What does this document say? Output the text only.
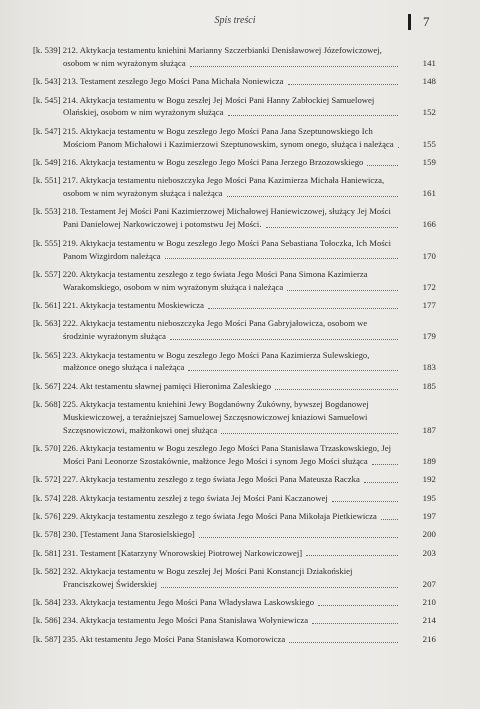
Spis treści	7
[k. 539] 212. Aktykacja testamentu kniehini Marianny Szczerbianki Denisławowej Józefowiczowej, osobom w nim wyrażonym służąca	141
[k. 543] 213. Testament zeszłego Jego Mości Pana Michała Noniewicza	148
[k. 545] 214. Aktykacja testamentu w Bogu zeszłej Jej Mości Pani Hanny Zabłockiej Samuelowej Olańskiej, osobom w nim wyrażonym służąca	152
[k. 547] 215. Aktykacja testamentu w Bogu zeszłego Jego Mości Pana Jana Szeptunowskiego Ich Mościom Panom Michałowi i Kazimierzowi Szeptunowskim, synom onego, służąca i należąca	155
[k. 549] 216. Aktykacja testamentu w Bogu zeszłego Jego Mości Pana Jerzego Brzozowskiego	159
[k. 551] 217. Aktykacja testamentu nieboszczyka Jego Mości Pana Kazimierza Michała Haniewicza, osobom w nim wyrażonym służąca i należąca	161
[k. 553] 218. Testament Jej Mości Pani Kazimierzowej Michałowej Haniewiczowej, służący Jej Mości Pani Danielowej Narkowiczowej i potomstwu Jej Mości.	166
[k. 555] 219. Aktykacja testamentu w Bogu zeszłego Jego Mości Pana Sebastiana Tołoczka, Ich Mości Panom Wizgirdom należąca	170
[k. 557] 220. Aktykacja testamentu zeszłego z tego świata Jego Mości Pana Simona Kazimierza Warakomskiego, osobom w nim wyrażonym służąca i należąca	172
[k. 561] 221. Aktykacja testamentu Moskiewicza	177
[k. 563] 222. Aktykacja testamentu nieboszczyka Jego Mości Pana Gabryjałowicza, osobom we środzinie wyrażonym służąca	179
[k. 565] 223. Aktykacja testamentu w Bogu zeszłego Jego Mości Pana Kazimierza Sulewskiego, małżonce onego służąca i należąca	183
[k. 567] 224. Akt testamentu sławnej pamięci Hieronima Zaleskiego	185
[k. 568] 225. Aktykacja testamentu kniehini Jewy Bogdanówny Żukówny, bywszej Bogdanowej Muskiewiczowej, a teraźniejszej Samuelowej Szczęsnowiczowej kniaziowi Samuelowi Szczęsnowiczowi, małżonkowi onej służąca	187
[k. 570] 226. Aktykacja testamentu w Bogu zeszłego Jego Mości Pana Stanisława Trzaskowskiego, Jej Mości Pani Leonorze Szostakównie, małżonce Jego Mości i synom Jego Mości służąca	189
[k. 572] 227. Aktykacja testamentu zeszłego z tego świata Jego Mości Pana Mateusza Raczka	192
[k. 574] 228. Aktykacja testamentu zeszłej z tego świata Jej Mości Pani Kaczanowej	195
[k. 576] 229. Aktykacja testamentu zeszłego z tego świata Jego Mości Pana Mikołaja Pietkiewicza	197
[k. 578] 230. [Testament Jana Starosielskiego]	200
[k. 581] 231. Testament [Katarzyny Wnorowskiej Piotrowej Narkowiczowej]	203
[k. 582] 232. Aktykacja testamentu w Bogu zeszłej Jej Mości Pani Konstancji Dziakońskiej Franciszkowej Świderskiej	207
[k. 584] 233. Aktykacja testamentu Jego Mości Pana Władysława Laskowskiego	210
[k. 586] 234. Aktykacja testamentu Jego Mości Pana Stanisława Wołyniewicza	214
[k. 587] 235. Akt testamentu Jego Mości Pana Stanisława Komorowicza	216
